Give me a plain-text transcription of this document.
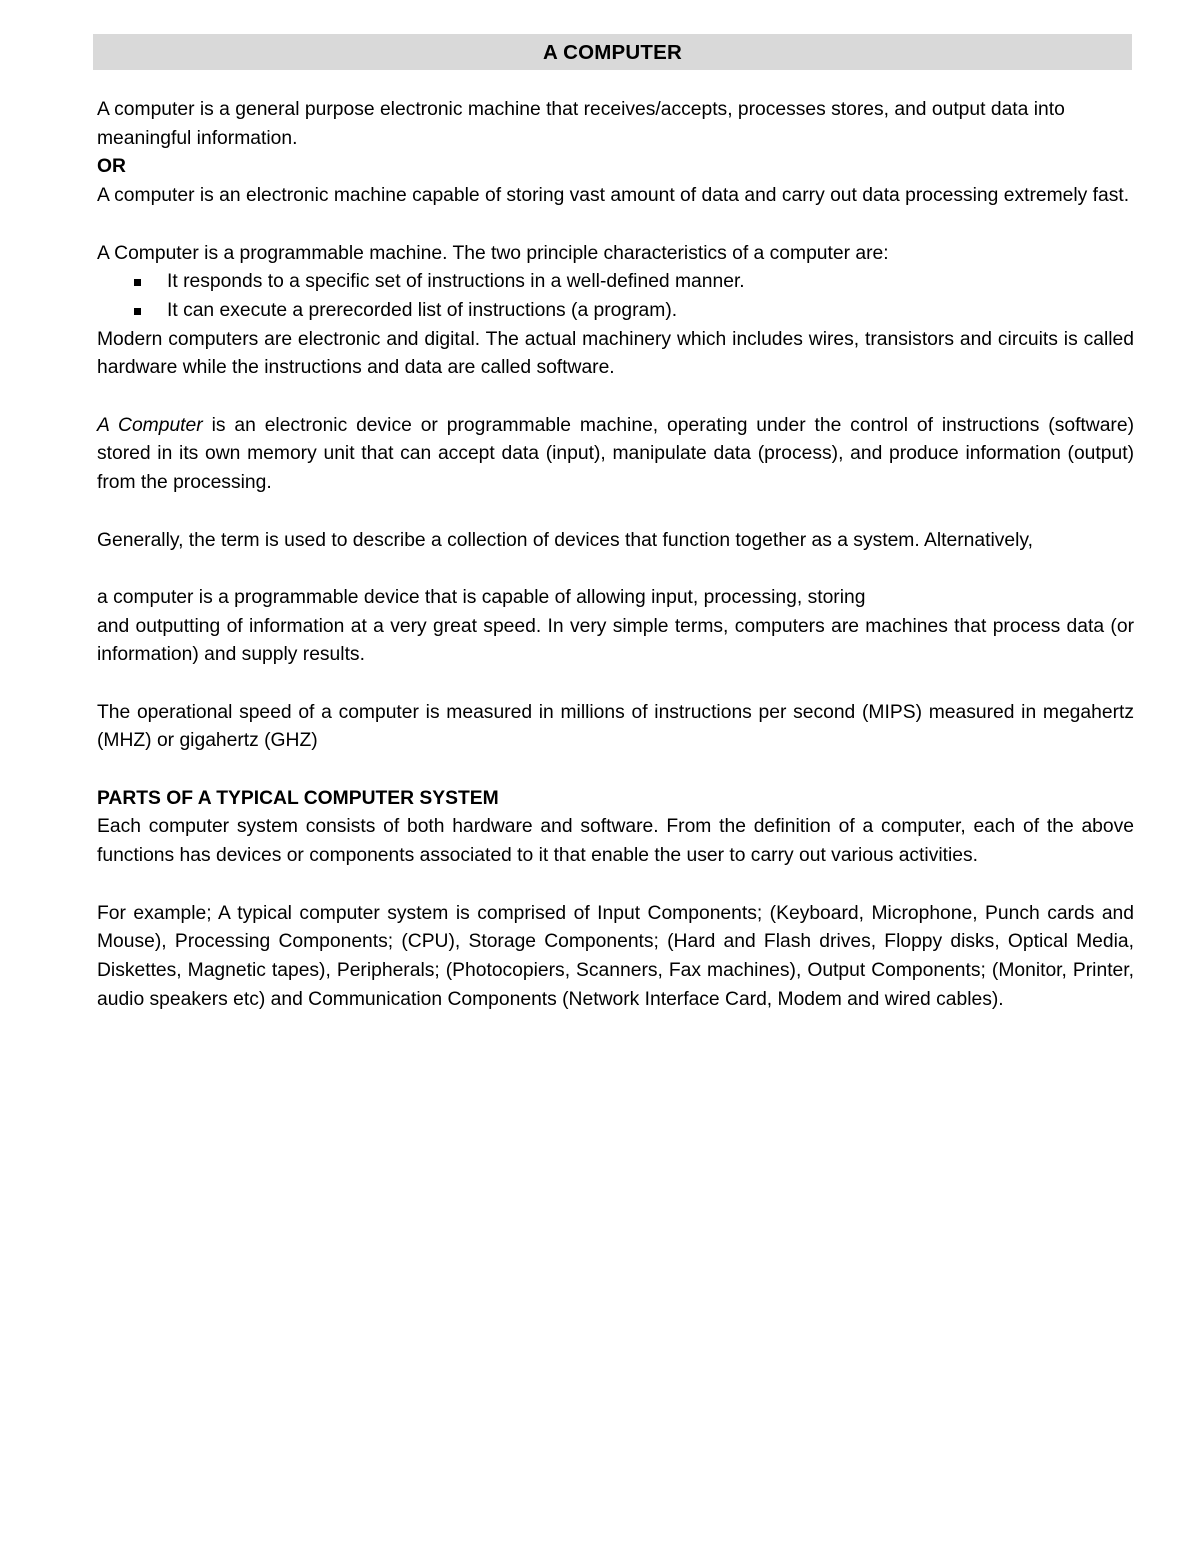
A COMPUTER

A computer is a general purpose electronic machine that receives/accepts, processes stores, and output data into meaningful information.

OR

A computer is an electronic machine capable of storing vast amount of data and carry out data processing extremely fast.

A Computer is a programmable machine. The two principle characteristics of a computer are:

It responds to a specific set of instructions in a well-defined manner.
It can execute a prerecorded list of instructions (a program).

Modern computers are electronic and digital. The actual machinery which includes wires, transistors and circuits is called hardware while the instructions and data are called software.

A Computer is an electronic device or programmable machine, operating under the control of instructions (software) stored in its own memory unit that can accept data (input), manipulate data (process), and produce information (output) from the processing.

Generally, the term is used to describe a collection of devices that function together as a system. Alternatively,

a computer is a programmable device that is capable of allowing input, processing, storing

and outputting of information at a very great speed. In very simple terms, computers are machines that process data (or information) and supply results.

The operational speed of a computer is measured in millions of instructions per second (MIPS) measured in megahertz (MHZ) or gigahertz (GHZ)

PARTS OF A TYPICAL COMPUTER SYSTEM

Each computer system consists of both hardware and software. From the definition of a computer, each of the above functions has devices or components associated to it that enable the user to carry out various activities.

For example; A typical computer system is comprised of Input Components; (Keyboard, Microphone, Punch cards and Mouse), Processing Components; (CPU), Storage Components; (Hard and Flash drives, Floppy disks, Optical Media, Diskettes, Magnetic tapes), Peripherals; (Photocopiers, Scanners, Fax machines), Output Components; (Monitor, Printer, audio speakers etc) and Communication Components (Network Interface Card, Modem and wired cables).
